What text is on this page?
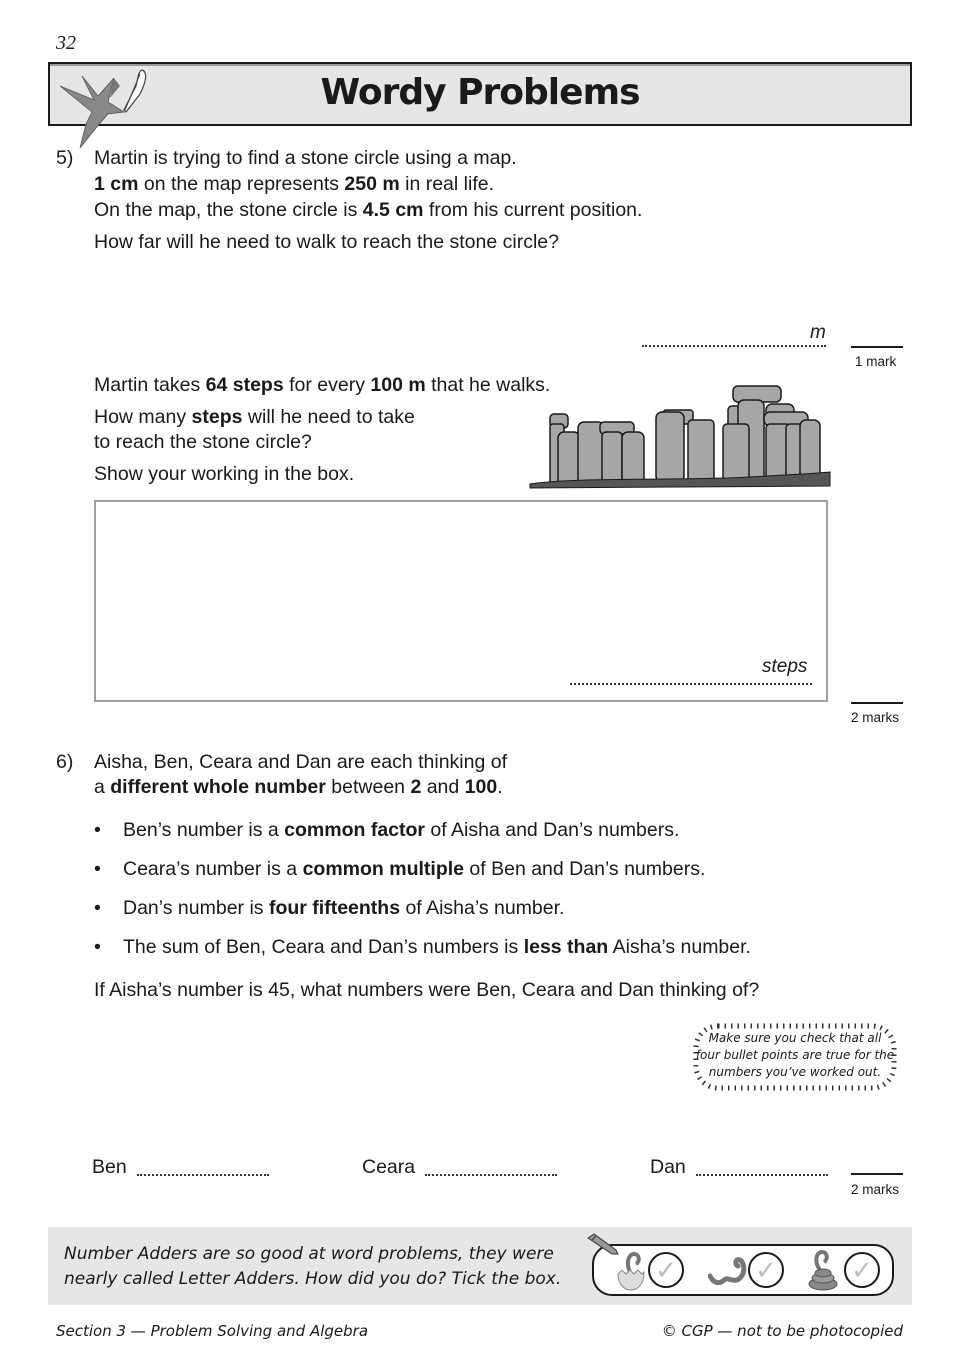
32
Wordy Problems
5) Martin is trying to find a stone circle using a map.
1 cm on the map represents 250 m in real life.
On the map, the stone circle is 4.5 cm from his current position.
How far will he need to walk to reach the stone circle?
m
1 mark
Martin takes 64 steps for every 100 m that he walks.
How many steps will he need to take
to reach the stone circle?
Show your working in the box.
steps
2 marks
6) Aisha, Ben, Ceara and Dan are each thinking of
a different whole number between 2 and 100.
• Ben’s number is a common factor of Aisha and Dan’s numbers.
• Ceara’s number is a common multiple of Ben and Dan’s numbers.
• Dan’s number is four fifteenths of Aisha’s number.
• The sum of Ben, Ceara and Dan’s numbers is less than Aisha’s number.
If Aisha’s number is 45, what numbers were Ben, Ceara and Dan thinking of?
Make sure you check that all
four bullet points are true for the
numbers you’ve worked out.
Ben	Ceara	Dan
2 marks
Number Adders are so good at word problems, they were
nearly called Letter Adders. How did you do? Tick the box.	✓	✓	✓
Section 3 — Problem Solving and Algebra	© CGP — not to be photocopied
